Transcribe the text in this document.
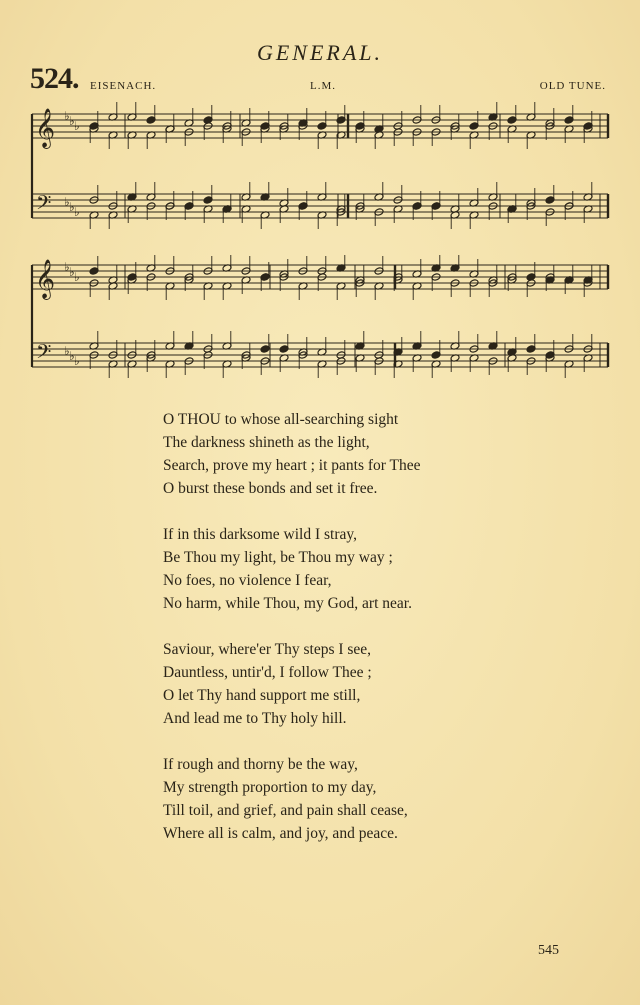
GENERAL.
524. EISENACH.	L.M.	OLD TUNE.
𝄞
𝄢
♭
♭
♭
♭
♭
♭
𝄞
𝄢
♭
♭
♭
♭
♭
♭
O THOU to whose all-searching sight
The darkness shineth as the light,
Search, prove my heart ; it pants for Thee
O burst these bonds and set it free.
If in this darksome wild I stray,
Be Thou my light, be Thou my way ;
No foes, no violence I fear,
No harm, while Thou, my God, art near.
Saviour, where'er Thy steps I see,
Dauntless, untir'd, I follow Thee ;
O let Thy hand support me still,
And lead me to Thy holy hill.
If rough and thorny be the way,
My strength proportion to my day,
Till toil, and grief, and pain shall cease,
Where all is calm, and joy, and peace.
545
